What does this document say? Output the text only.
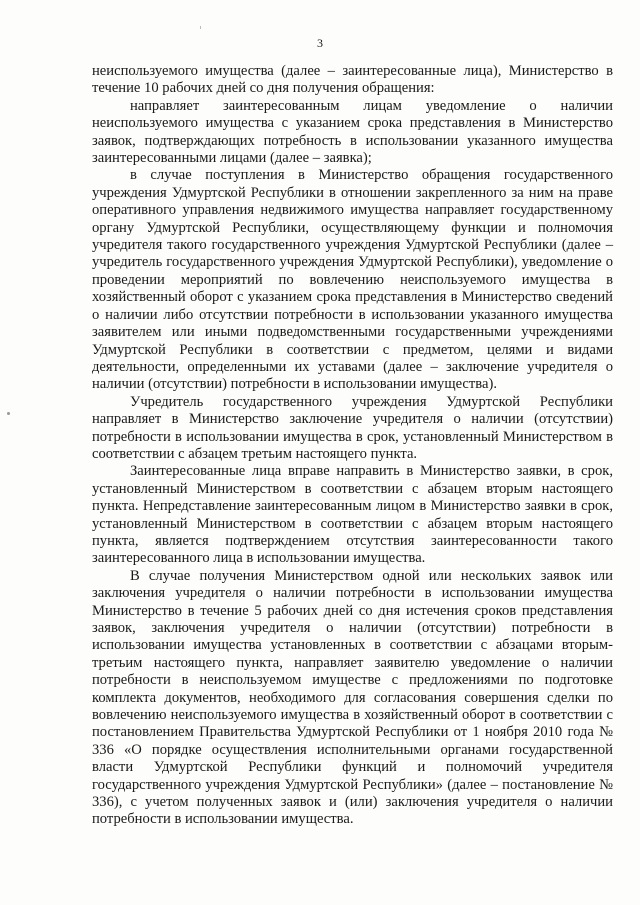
3

неиспользуемого имущества (далее – заинтересованные лица), Министерство в течение 10 рабочих дней со дня получения обращения:

направляет заинтересованным лицам уведомление о наличии неиспользуемого имущества с указанием срока представления в Министерство заявок, подтверждающих потребность в использовании указанного имущества заинтересованными лицами (далее – заявка);

в случае поступления в Министерство обращения государственного учреждения Удмуртской Республики в отношении закрепленного за ним на праве оперативного управления недвижимого имущества направляет государственному органу Удмуртской Республики, осуществляющему функции и полномочия учредителя такого государственного учреждения Удмуртской Республики (далее – учредитель государственного учреждения Удмуртской Республики), уведомление о проведении мероприятий по вовлечению неиспользуемого имущества в хозяйственный оборот с указанием срока представления в Министерство сведений о наличии либо отсутствии потребности в использовании указанного имущества заявителем или иными подведомственными государственными учреждениями Удмуртской Республики в соответствии с предметом, целями и видами деятельности, определенными их уставами (далее – заключение учредителя о наличии (отсутствии) потребности в использовании имущества).

Учредитель государственного учреждения Удмуртской Республики направляет в Министерство заключение учредителя о наличии (отсутствии) потребности в использовании имущества в срок, установленный Министерством в соответствии с абзацем третьим настоящего пункта.

Заинтересованные лица вправе направить в Министерство заявки, в срок, установленный Министерством в соответствии с абзацем вторым настоящего пункта. Непредставление заинтересованным лицом в Министерство заявки в срок, установленный Министерством в соответствии с абзацем вторым настоящего пункта, является подтверждением отсутствия заинтересованности такого заинтересованного лица в использовании имущества.

В случае получения Министерством одной или нескольких заявок или заключения учредителя о наличии потребности в использовании имущества Министерство в течение 5 рабочих дней со дня истечения сроков представления заявок, заключения учредителя о наличии (отсутствии) потребности в использовании имущества установленных в соответствии с абзацами вторым-третьим настоящего пункта, направляет заявителю уведомление о наличии потребности в неиспользуемом имуществе с предложениями по подготовке комплекта документов, необходимого для согласования совершения сделки по вовлечению неиспользуемого имущества в хозяйственный оборот в соответствии с постановлением Правительства Удмуртской Республики от 1 ноября 2010 года № 336 «О порядке осуществления исполнительными органами государственной власти Удмуртской Республики функций и полномочий учредителя государственного учреждения Удмуртской Республики» (далее – постановление № 336), с учетом полученных заявок и (или) заключения учредителя о наличии потребности в использовании имущества.
